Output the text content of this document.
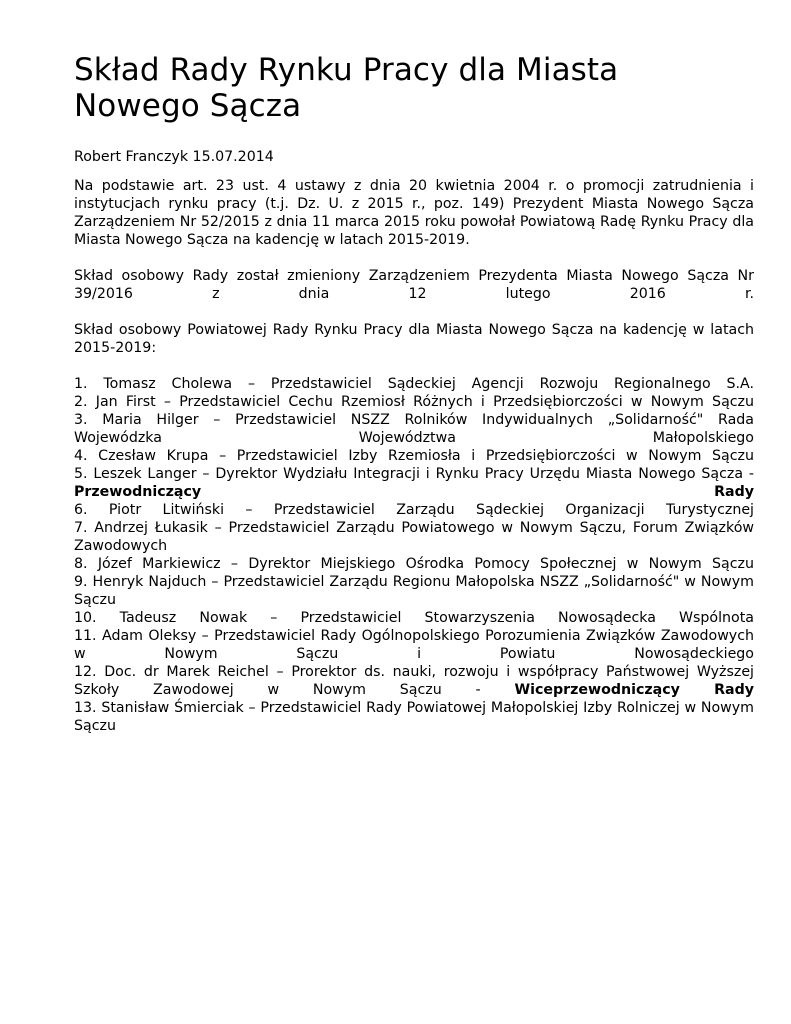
Skład Rady Rynku Pracy dla Miasta Nowego Sącza

Robert Franczyk 15.07.2014

Na podstawie art. 23 ust. 4 ustawy z dnia 20 kwietnia 2004 r. o promocji zatrudnienia i instytucjach rynku pracy (t.j. Dz. U. z 2015 r., poz. 149) Prezydent Miasta Nowego Sącza Zarządzeniem Nr 52/2015 z dnia 11 marca 2015 roku powołał Powiatową Radę Rynku Pracy dla Miasta Nowego Sącza na kadencję w latach 2015-2019.

Skład osobowy Rady został zmieniony Zarządzeniem Prezydenta Miasta Nowego Sącza Nr 39/2016 z dnia 12 lutego 2016 r.

Skład osobowy Powiatowej Rady Rynku Pracy dla Miasta Nowego Sącza na kadencję w latach 2015-2019:

1. Tomasz Cholewa – Przedstawiciel Sądeckiej Agencji Rozwoju Regionalnego S.A.
2. Jan First – Przedstawiciel Cechu Rzemiosł Różnych i Przedsiębiorczości w Nowym Sączu
3. Maria Hilger – Przedstawiciel NSZZ Rolników Indywidualnych „Solidarność" Rada Wojewódzka Województwa Małopolskiego
4. Czesław Krupa – Przedstawiciel Izby Rzemiosła i Przedsiębiorczości w Nowym Sączu
5. Leszek Langer – Dyrektor Wydziału Integracji i Rynku Pracy Urzędu Miasta Nowego Sącza - Przewodniczący Rady
6. Piotr Litwiński – Przedstawiciel Zarządu Sądeckiej Organizacji Turystycznej
7. Andrzej Łukasik – Przedstawiciel Zarządu Powiatowego w Nowym Sączu, Forum Związków Zawodowych
8. Józef Markiewicz – Dyrektor Miejskiego Ośrodka Pomocy Społecznej w Nowym Sączu
9. Henryk Najduch – Przedstawiciel Zarządu Regionu Małopolska NSZZ „Solidarność" w Nowym Sączu
10. Tadeusz Nowak – Przedstawiciel Stowarzyszenia Nowosądecka Wspólnota
11. Adam Oleksy – Przedstawiciel Rady Ogólnopolskiego Porozumienia Związków Zawodowych w Nowym Sączu i Powiatu Nowosądeckiego
12. Doc. dr Marek Reichel – Prorektor ds. nauki, rozwoju i współpracy Państwowej Wyższej Szkoły Zawodowej w Nowym Sączu - Wiceprzewodniczący Rady
13. Stanisław Śmierciak – Przedstawiciel Rady Powiatowej Małopolskiej Izby Rolniczej w Nowym Sączu
